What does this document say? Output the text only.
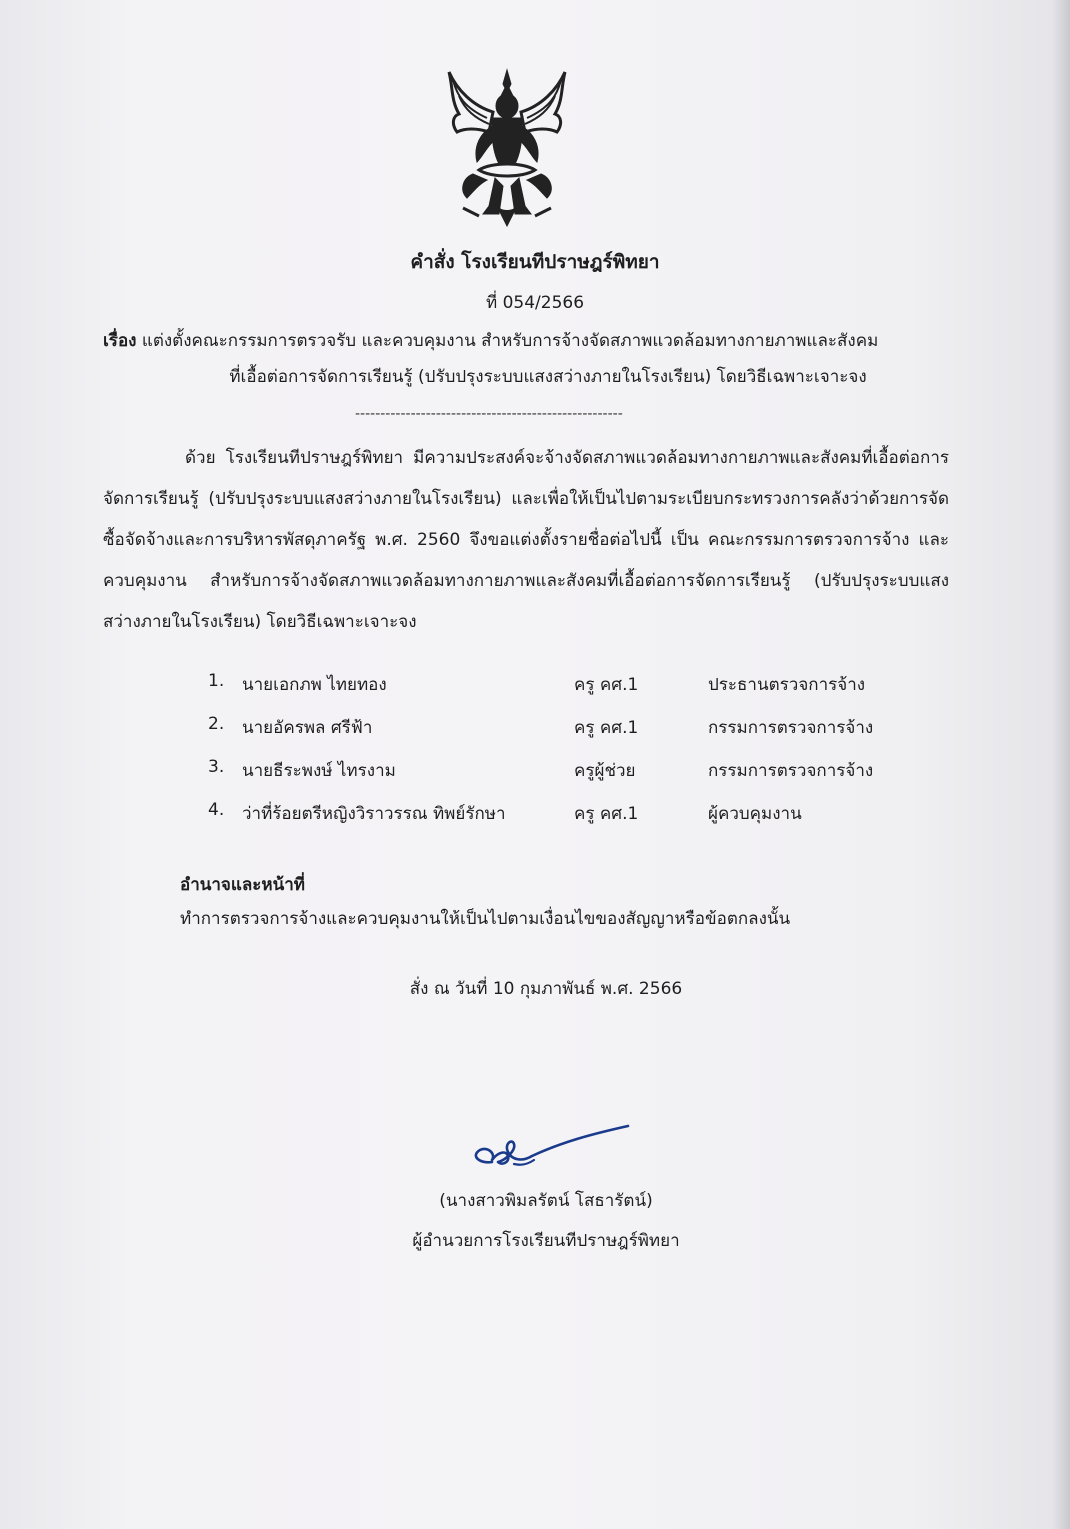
คำสั่ง โรงเรียนทีปราษฎร์พิทยา
ที่ 054/2566
เรื่อง แต่งตั้งคณะกรรมการตรวจรับ และควบคุมงาน สำหรับการจ้างจัดสภาพแวดล้อมทางกายภาพและสังคม
ที่เอื้อต่อการจัดการเรียนรู้ (ปรับปรุงระบบแสงสว่างภายในโรงเรียน) โดยวิธีเฉพาะเจาะจง
-----------------------------------------------------

ด้วย โรงเรียนทีปราษฎร์พิทยา มีความประสงค์จะจ้างจัดสภาพแวดล้อมทางกายภาพและสังคมที่เอื้อต่อการจัดการเรียนรู้ (ปรับปรุงระบบแสงสว่างภายในโรงเรียน) และเพื่อให้เป็นไปตามระเบียบกระทรวงการคลังว่าด้วยการจัดซื้อจัดจ้างและการบริหารพัสดุภาครัฐ พ.ศ. 2560 จึงขอแต่งตั้งรายชื่อต่อไปนี้ เป็น คณะกรรมการตรวจการจ้าง และควบคุมงาน สำหรับการจ้างจัดสภาพแวดล้อมทางกายภาพและสังคมที่เอื้อต่อการจัดการเรียนรู้ (ปรับปรุงระบบแสงสว่างภายในโรงเรียน) โดยวิธีเฉพาะเจาะจง

1. นายเอกภพ ไทยทอง	ครู คศ.1	ประธานตรวจการจ้าง
2. นายอัครพล ศรีฟ้า	ครู คศ.1	กรรมการตรวจการจ้าง
3. นายธีระพงษ์ ไทรงาม	ครูผู้ช่วย	กรรมการตรวจการจ้าง
4. ว่าที่ร้อยตรีหญิงวิราวรรณ ทิพย์รักษา	ครู คศ.1	ผู้ควบคุมงาน
อำนาจและหน้าที่
ทำการตรวจการจ้างและควบคุมงานให้เป็นไปตามเงื่อนไขของสัญญาหรือข้อตกลงนั้น
สั่ง ณ วันที่ 10 กุมภาพันธ์ พ.ศ. 2566
(นางสาวพิมลรัตน์ โสธารัตน์)
ผู้อำนวยการโรงเรียนทีปราษฎร์พิทยา
